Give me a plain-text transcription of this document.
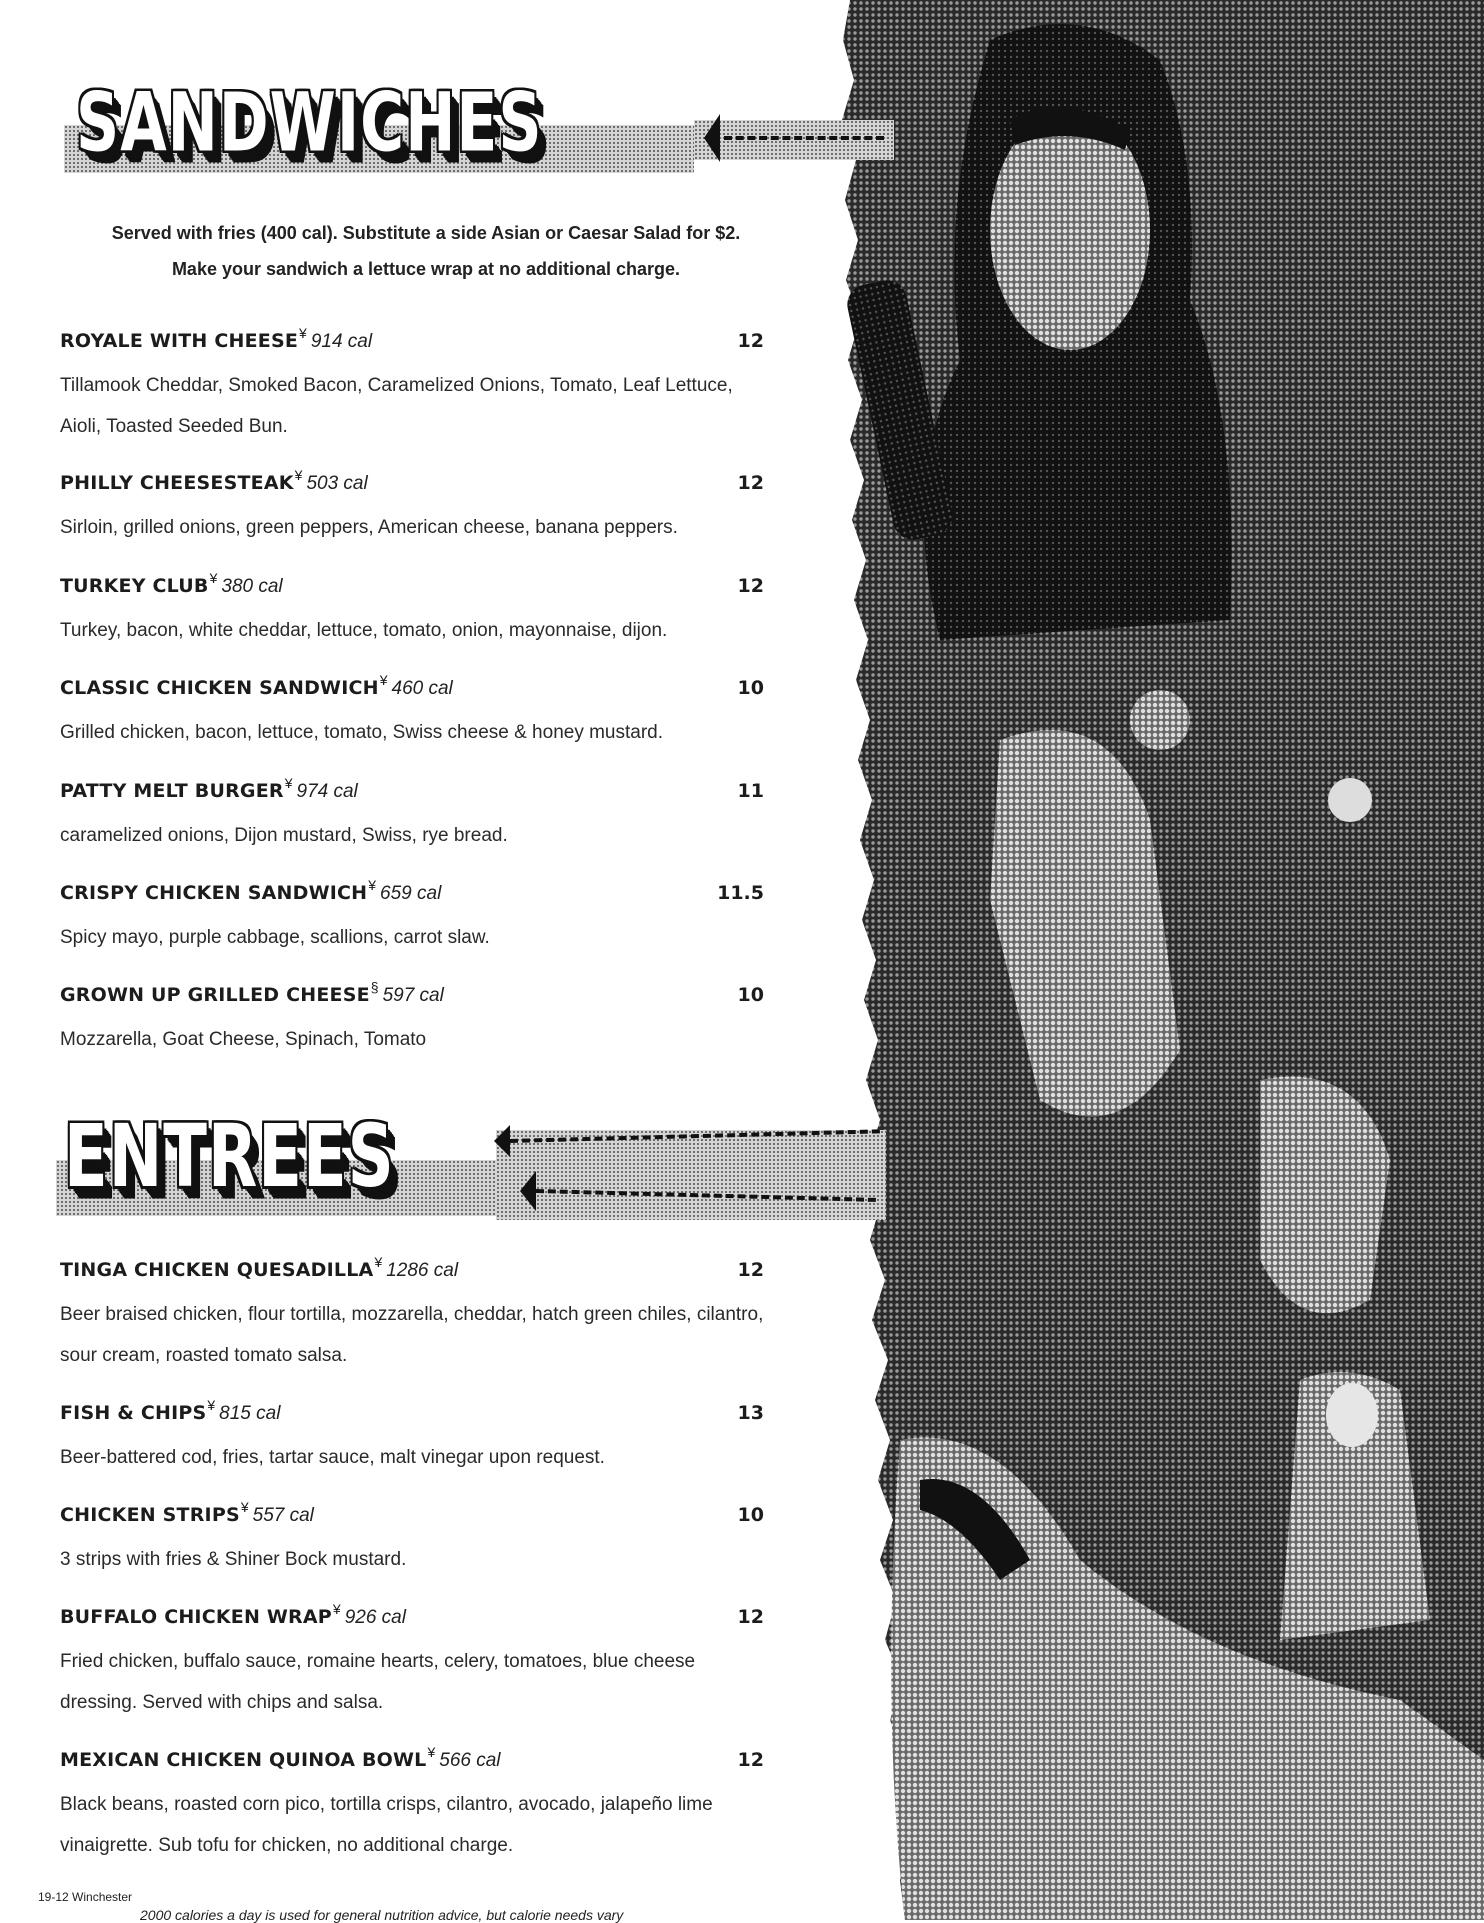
SANDWICHES
Served with fries (400 cal). Substitute a side Asian or Caesar Salad for $2.
Make your sandwich a lettuce wrap at no additional charge.
ROYALE WITH CHEESE¥ 914 cal	12
Tillamook Cheddar, Smoked Bacon, Caramelized Onions, Tomato, Leaf Lettuce, Aioli, Toasted Seeded Bun.
PHILLY CHEESESTEAK¥ 503 cal	12
Sirloin, grilled onions, green peppers, American cheese, banana peppers.
TURKEY CLUB¥ 380 cal	12
Turkey, bacon, white cheddar, lettuce, tomato, onion, mayonnaise, dijon.
CLASSIC CHICKEN SANDWICH¥ 460 cal	10
Grilled chicken, bacon, lettuce, tomato, Swiss cheese & honey mustard.
PATTY MELT BURGER¥ 974 cal	11
caramelized onions, Dijon mustard, Swiss, rye bread.
CRISPY CHICKEN SANDWICH¥ 659 cal	11.5
Spicy mayo, purple cabbage, scallions, carrot slaw.
GROWN UP GRILLED CHEESE§ 597 cal	10
Mozzarella, Goat Cheese, Spinach, Tomato
ENTREES
TINGA CHICKEN QUESADILLA¥ 1286 cal	12
Beer braised chicken, flour tortilla, mozzarella, cheddar, hatch green chiles, cilantro, sour cream, roasted tomato salsa.
FISH & CHIPS¥ 815 cal	13
Beer-battered cod, fries, tartar sauce, malt vinegar upon request.
CHICKEN STRIPS¥ 557 cal	10
3 strips with fries & Shiner Bock mustard.
BUFFALO CHICKEN WRAP¥ 926 cal	12
Fried chicken, buffalo sauce, romaine hearts, celery, tomatoes, blue cheese dressing. Served with chips and salsa.
MEXICAN CHICKEN QUINOA BOWL¥ 566 cal	12
Black beans, roasted corn pico, tortilla crisps, cilantro, avocado, jalapeño lime vinaigrette. Sub tofu for chicken, no additional charge.
19-12 Winchester
2000 calories a day is used for general nutrition advice, but calorie needs vary
